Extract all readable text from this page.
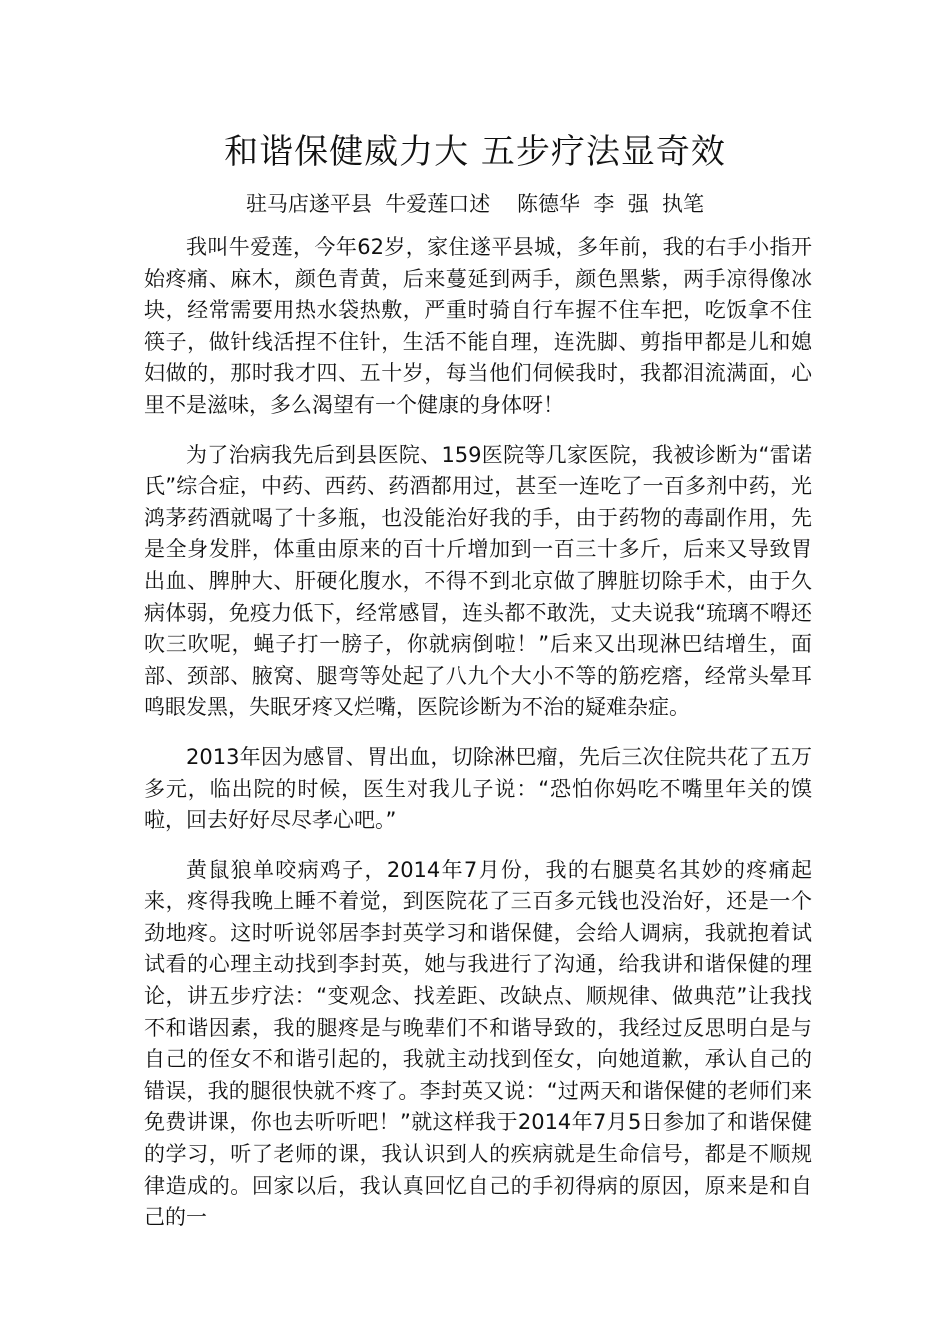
和谐保健威力大 五步疗法显奇效
驻马店遂平县  牛爱莲口述    陈德华  李  强  执笔

我叫牛爱莲，今年62岁，家住遂平县城，多年前，我的右手小指开始疼痛、麻木，颜色青黄，后来蔓延到两手，颜色黑紫，两手凉得像冰块，经常需要用热水袋热敷，严重时骑自行车握不住车把，吃饭拿不住筷子，做针线活捏不住针，生活不能自理，连洗脚、剪指甲都是儿和媳妇做的，那时我才四、五十岁，每当他们伺候我时，我都泪流满面，心里不是滋味，多么渴望有一个健康的身体呀！

为了治病我先后到县医院、159医院等几家医院，我被诊断为“雷诺氏”综合症，中药、西药、药酒都用过，甚至一连吃了一百多剂中药，光鸿茅药酒就喝了十多瓶，也没能治好我的手，由于药物的毒副作用，先是全身发胖，体重由原来的百十斤增加到一百三十多斤，后来又导致胃出血、脾肿大、肝硬化腹水，不得不到北京做了脾脏切除手术，由于久病体弱，免疫力低下，经常感冒，连头都不敢洗，丈夫说我“琉璃不嘚还吹三吹呢，蝇子打一膀子，你就病倒啦！”后来又出现淋巴结增生，面部、颈部、腋窝、腿弯等处起了八九个大小不等的筋疙瘩，经常头晕耳鸣眼发黑，失眠牙疼又烂嘴，医院诊断为不治的疑难杂症。

2013年因为感冒、胃出血，切除淋巴瘤，先后三次住院共花了五万多元，临出院的时候，医生对我儿子说：“恐怕你妈吃不嘴里年关的馍啦，回去好好尽尽孝心吧。”

黄鼠狼单咬病鸡子，2014年7月份，我的右腿莫名其妙的疼痛起来，疼得我晚上睡不着觉，到医院花了三百多元钱也没治好，还是一个劲地疼。这时听说邻居李封英学习和谐保健，会给人调病，我就抱着试试看的心理主动找到李封英，她与我进行了沟通，给我讲和谐保健的理论，讲五步疗法：“变观念、找差距、改缺点、顺规律、做典范”让我找不和谐因素，我的腿疼是与晚辈们不和谐导致的，我经过反思明白是与自己的侄女不和谐引起的，我就主动找到侄女，向她道歉，承认自己的错误，我的腿很快就不疼了。李封英又说：“过两天和谐保健的老师们来免费讲课，你也去听听吧！”就这样我于2014年7月5日参加了和谐保健的学习，听了老师的课，我认识到人的疾病就是生命信号，都是不顺规律造成的。回家以后，我认真回忆自己的手初得病的原因，原来是和自己的一
